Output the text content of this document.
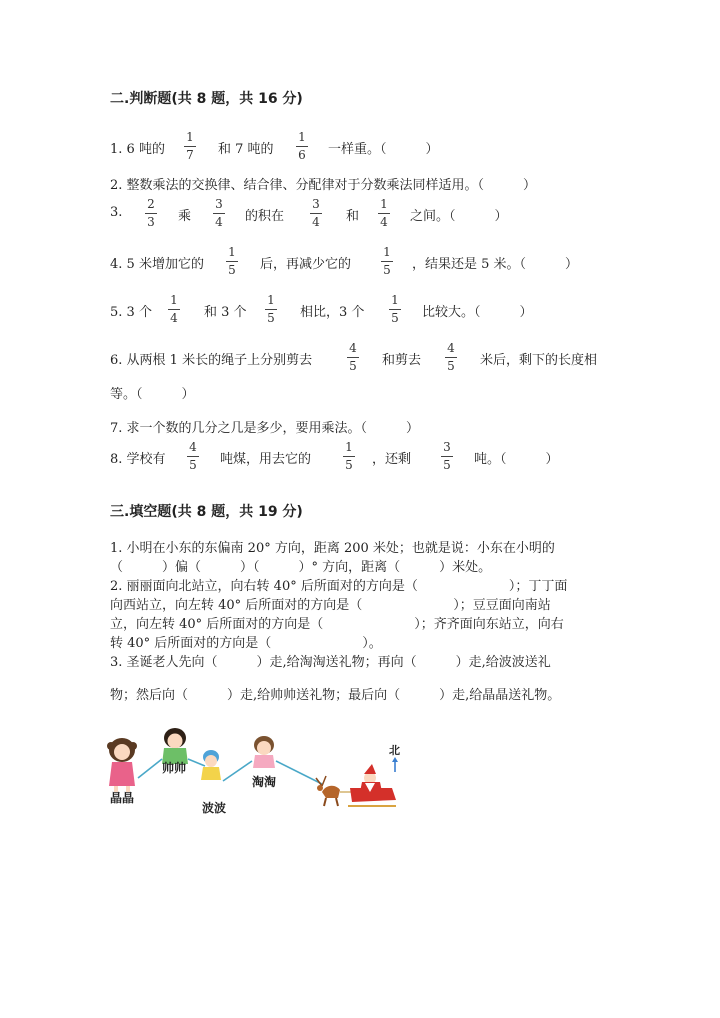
二.判断题(共 8 题，共 16 分)
1. 6 吨的
1
7 和 7 吨的
1
6 一样重。（　　　）
2. 整数乘法的交换律、结合律、分配律对于分数乘法同样适用。（　　　）
3.
2
3 乘
3
4 的积在
3
4 和
1
4 之间。（　　　）
4. 5 米增加它的
1
5 后，再减少它的
1
5 ，结果还是 5 米。（　　　）
5. 3 个
1
4 和 3 个
1
5 相比，3 个
1
5 比较大。（　　　）
6. 从两根 1 米长的绳子上分别剪去
4
5 和剪去
4
5 米后，剩下的长度相
等。（　　　）
7. 求一个数的几分之几是多少，要用乘法。（　　　）
8. 学校有
4
5 吨煤，用去它的
1
5 ，还剩
3
5 吨。（　　　）
三.填空题(共 8 题，共 19 分)
1. 小明在小东的东偏南 20° 方向，距离 200 米处；也就是说：小东在小明的
（　　　）偏（　　　）（　　　）° 方向，距离（　　　）米处。
2. 丽丽面向北站立，向右转 40° 后所面对的方向是（　　　　　　　）；丁丁面
向西站立，向左转 40° 后所面对的方向是（　　　　　　　）；豆豆面向南站
立，向左转 40° 后所面对的方向是（　　　　　　　）；齐齐面向东站立，向右
转 40° 后所面对的方向是（　　　　　　　）。
3. 圣诞老人先向（　　　）走,给淘淘送礼物；再向（　　　）走,给波波送礼
物；然后向（　　　）走,给帅帅送礼物；最后向（　　　）走,给晶晶送礼物。
晶晶
帅帅
波波
淘淘
北
